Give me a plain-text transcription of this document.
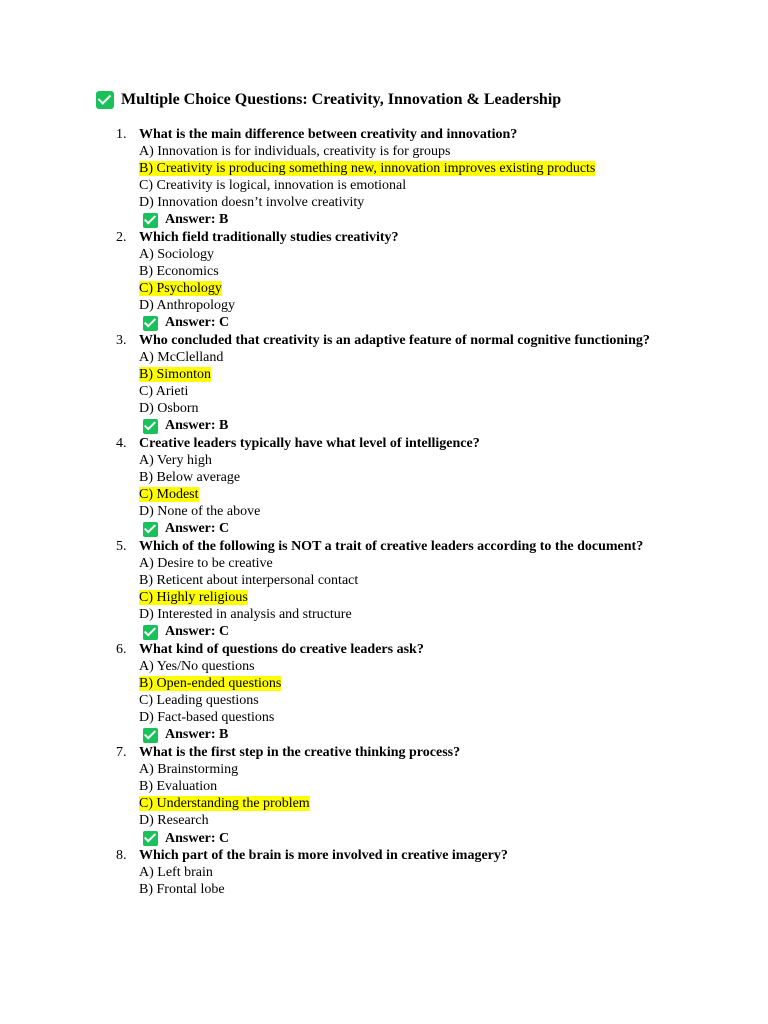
Multiple Choice Questions: Creativity, Innovation & Leadership
1. What is the main difference between creativity and innovation?
A) Innovation is for individuals, creativity is for groups
B) Creativity is producing something new, innovation improves existing products
C) Creativity is logical, innovation is emotional
D) Innovation doesn’t involve creativity
Answer: B
2. Which field traditionally studies creativity?
A) Sociology
B) Economics
C) Psychology
D) Anthropology
Answer: C
3. Who concluded that creativity is an adaptive feature of normal cognitive functioning?
A) McClelland
B) Simonton
C) Arieti
D) Osborn
Answer: B
4. Creative leaders typically have what level of intelligence?
A) Very high
B) Below average
C) Modest
D) None of the above
Answer: C
5. Which of the following is NOT a trait of creative leaders according to the document?
A) Desire to be creative
B) Reticent about interpersonal contact
C) Highly religious
D) Interested in analysis and structure
Answer: C
6. What kind of questions do creative leaders ask?
A) Yes/No questions
B) Open-ended questions
C) Leading questions
D) Fact-based questions
Answer: B
7. What is the first step in the creative thinking process?
A) Brainstorming
B) Evaluation
C) Understanding the problem
D) Research
Answer: C
8. Which part of the brain is more involved in creative imagery?
A) Left brain
B) Frontal lobe
